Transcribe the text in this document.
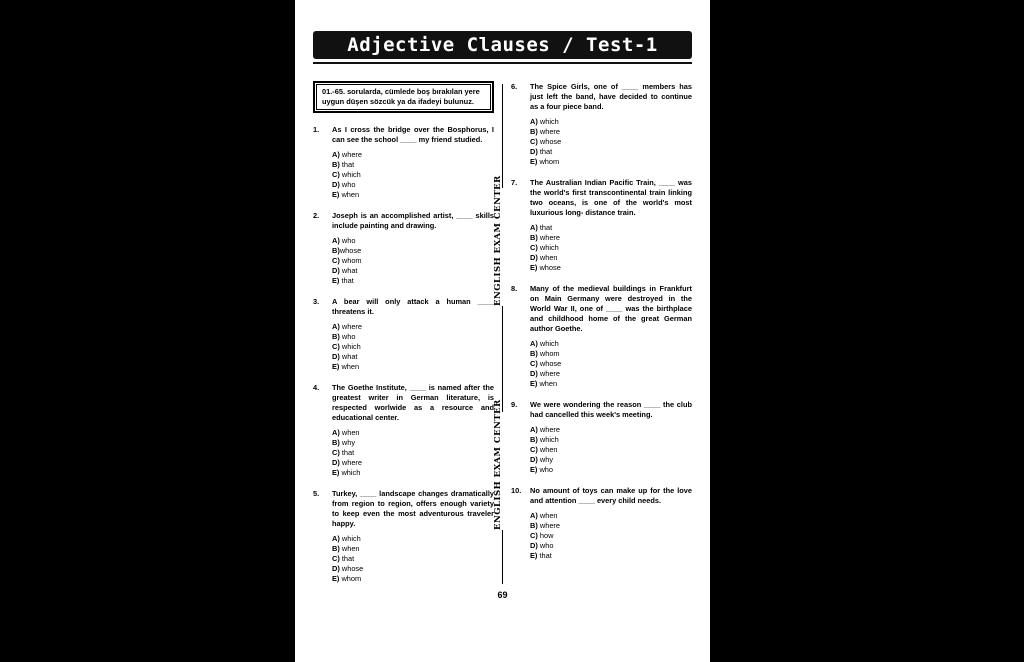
Adjective Clauses / Test-1
ENGLISH EXAM CENTER
ENGLISH EXAM CENTER
01.-65. sorularda, cümlede boş bırakılan yere uygun düşen sözcük ya da ifadeyi bulunuz.
1.	As I cross the bridge over the Bosphorus, I can see the school ____ my friend studied.
A) where
B) that
C) which
D) who
E) when
2.	Joseph is an accomplished artist, ____ skills include painting and drawing.
A) who
B)whose
C) whom
D) what
E) that
3.	A bear will only attack a human ____ threatens it.
A) where
B) who
C) which
D) what
E) when
4.	The Goethe Institute, ____ is named after the greatest writer in German literature, is respected worlwide as a resource and educational center.
A) when
B) why
C) that
D) where
E) which
5.	Turkey, ____ landscape changes dramatically from region to region, offers enough variety to keep even the most adventurous traveler happy.
A) which
B) when
C) that
D) whose
E) whom
6.	The Spice Girls, one of ____ members has just left the band, have decided to continue as a four piece band.
A) which
B) where
C) whose
D) that
E) whom
7.	The Australian Indian Pacific Train, ____ was the world's first transcontinental train linking two oceans, is one of the world's most luxurious long- distance train.
A) that
B) where
C) which
D) when
E) whose
8.	Many of the medieval buildings in Frankfurt on Main Germany were destroyed in the World War II, one of ____ was the birthplace and childhood home of the great German author Goethe.
A) which
B) whom
C) whose
D) where
E) when
9.	We were wondering the reason ____ the club had cancelled this week's meeting.
A) where
B) which
C) when
D) why
E) who
10.	No amount of toys can make up for the love and attention ____ every child needs.
A) when
B) where
C) how
D) who
E) that
69
